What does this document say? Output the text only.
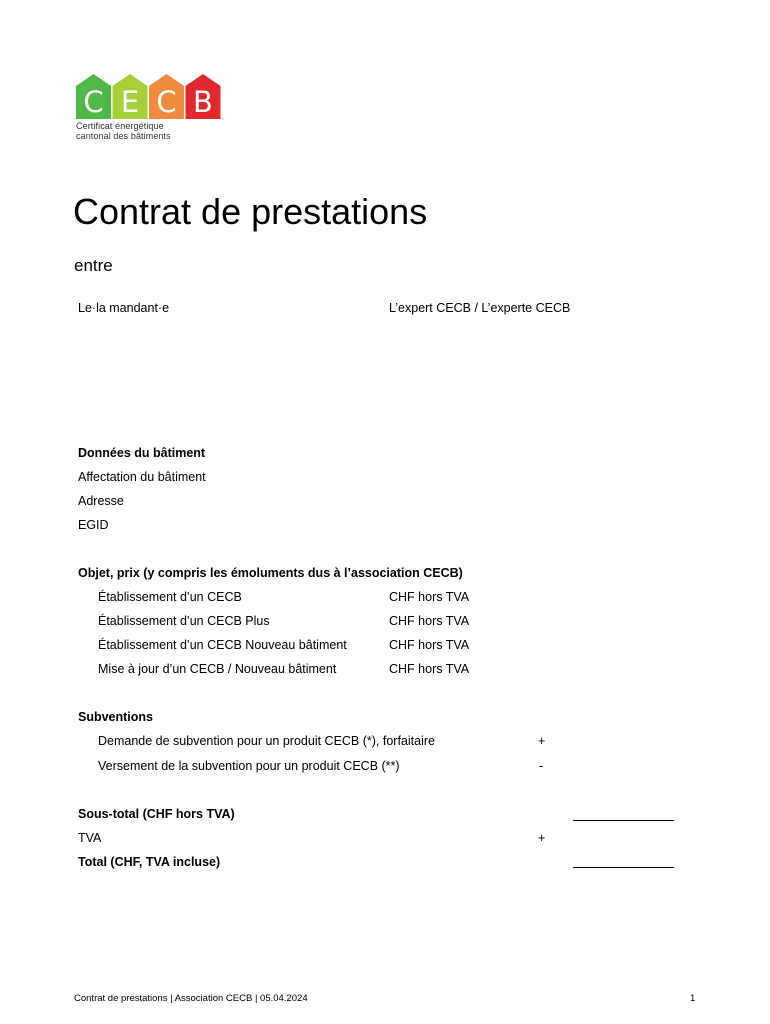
C E C B
Certificat énergétique
cantonal des bâtiments
Contrat de prestations
entre
Le·la mandant·e	L’expert CECB / L’experte CECB
Données du bâtiment
Affectation du bâtiment
Adresse
EGID
Objet, prix (y compris les émoluments dus à l’association CECB)
Établissement d’un CECB	CHF hors TVA
Établissement d’un CECB Plus	CHF hors TVA
Établissement d’un CECB Nouveau bâtiment	CHF hors TVA
Mise à jour d’un CECB / Nouveau bâtiment	CHF hors TVA
Subventions
Demande de subvention pour un produit CECB (*), forfaitaire	+
Versement de la subvention pour un produit CECB (**)	-
Sous-total (CHF hors TVA)
TVA	+
Total (CHF, TVA incluse)
Contrat de prestations | Association CECB | 05.04.2024	1
